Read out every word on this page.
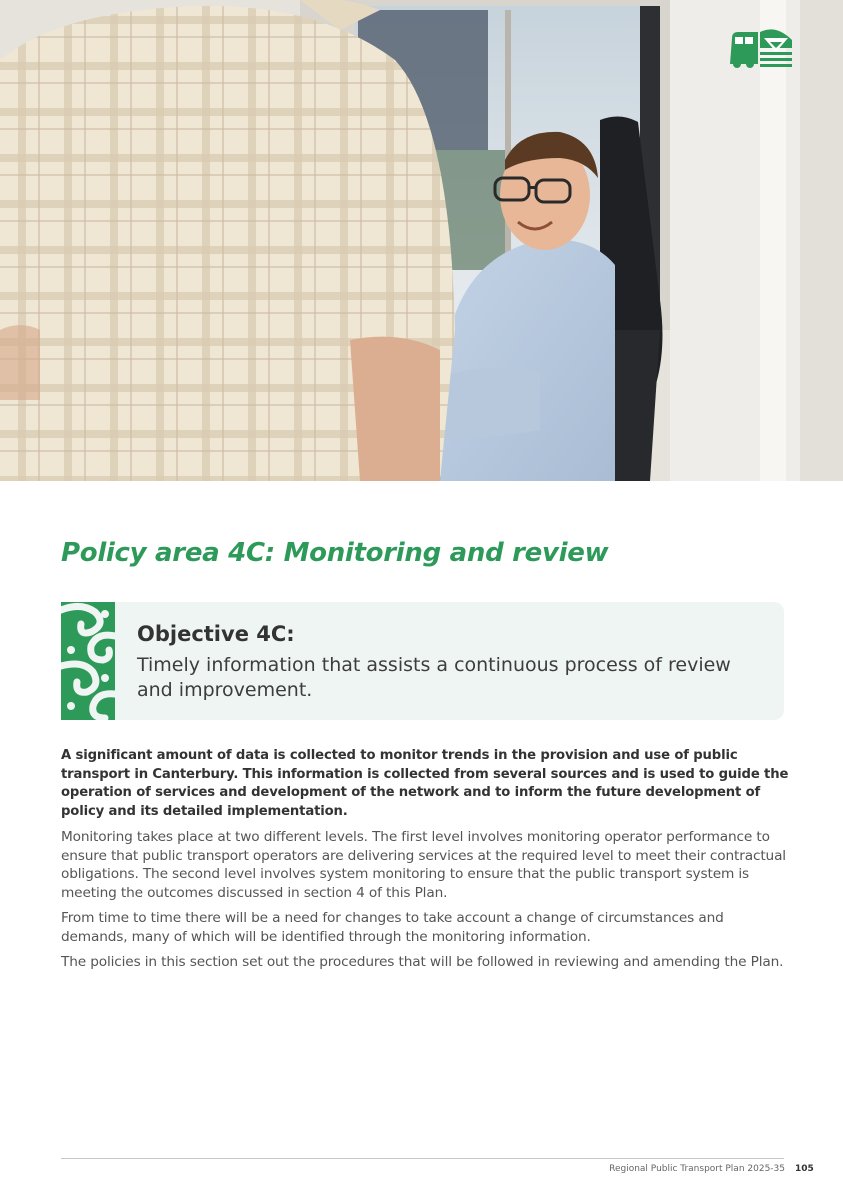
Policy area 4C: Monitoring and review
Objective 4C:

Timely information that assists a continuous process of review and improvement.

A significant amount of data is collected to monitor trends in the provision and use of public transport in Canterbury. This information is collected from several sources and is used to guide the operation of services and development of the network and to inform the future development of policy and its detailed implementation.

Monitoring takes place at two different levels. The first level involves monitoring operator performance to ensure that public transport operators are delivering services at the required level to meet their contractual obligations. The second level involves system monitoring to ensure that the public transport system is meeting the outcomes discussed in section 4 of this Plan.

From time to time there will be a need for changes to take account a change of circumstances and demands, many of which will be identified through the monitoring information.

The policies in this section set out the procedures that will be followed in reviewing and amending the Plan.

Regional Public Transport Plan 2025-35 105
